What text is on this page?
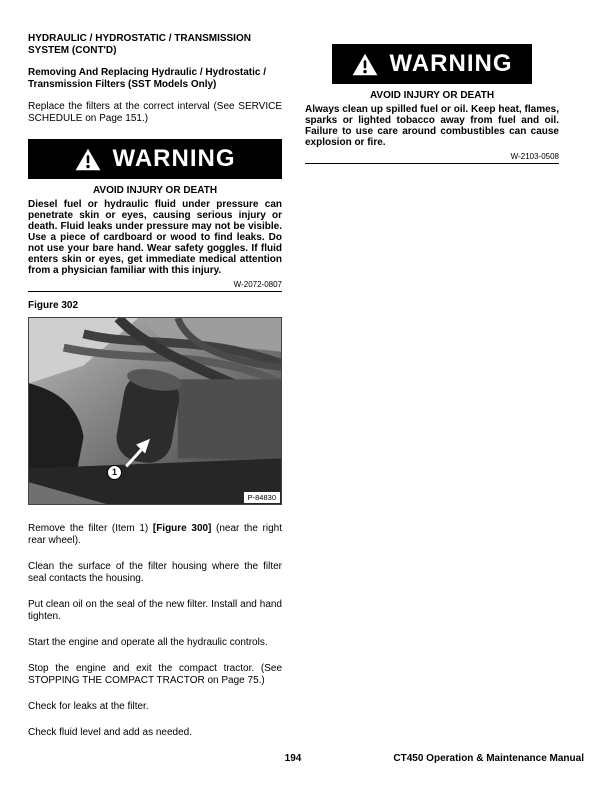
HYDRAULIC / HYDROSTATIC / TRANSMISSION SYSTEM (CONT'D)
Removing And Replacing Hydraulic / Hydrostatic / Transmission Filters (SST Models Only)

Replace the filters at the correct interval (See SERVICE SCHEDULE on Page 151.)

WARNING
AVOID INJURY OR DEATH

Diesel fuel or hydraulic fluid under pressure can penetrate skin or eyes, causing serious injury or death. Fluid leaks under pressure may not be visible. Use a piece of cardboard or wood to find leaks. Do not use your bare hand. Wear safety goggles. If fluid enters skin or eyes, get immediate medical attention from a physician familiar with this injury.

W-2072-0807
Figure 302
1
P-84830

Remove the filter (Item 1) [Figure 300] (near the right rear wheel).

Clean the surface of the filter housing where the filter seal contacts the housing.

Put clean oil on the seal of the new filter. Install and hand tighten.

Start the engine and operate all the hydraulic controls.

Stop the engine and exit the compact tractor. (See STOPPING THE COMPACT TRACTOR on Page 75.)

Check for leaks at the filter.

Check fluid level and add as needed.

WARNING
AVOID INJURY OR DEATH

Always clean up spilled fuel or oil. Keep heat, flames, sparks or lighted tobacco away from fuel and oil. Failure to use care around combustibles can cause explosion or fire.

W-2103-0508
194	CT450 Operation & Maintenance Manual
